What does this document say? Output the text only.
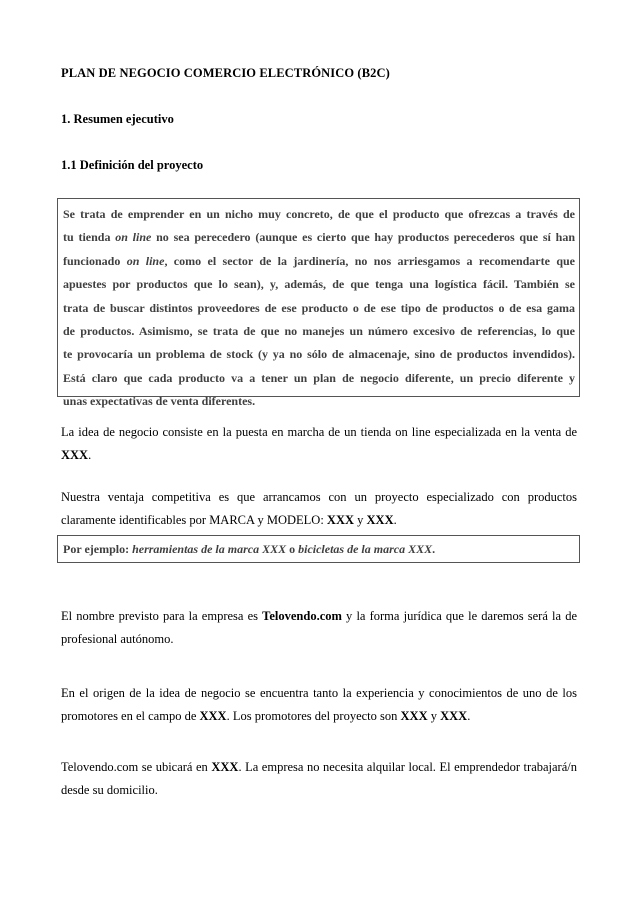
PLAN DE NEGOCIO COMERCIO ELECTRÓNICO (B2C)
1. Resumen ejecutivo
1.1 Definición del proyecto
Se trata de emprender en un nicho muy concreto, de que el producto que ofrezcas a través de
tu tienda on line no sea perecedero (aunque es cierto que hay productos perecederos que sí han
funcionado on line, como el sector de la jardinería, no nos arriesgamos a recomendarte que
apuestes por productos que lo sean), y, además, de que tenga una logística fácil. También se
trata de buscar distintos proveedores de ese producto o de ese tipo de productos o de esa gama
de productos. Asimismo, se trata de que no manejes un número excesivo de referencias, lo que
te provocaría un problema de stock (y ya no sólo de almacenaje, sino de productos invendidos).
Está claro que cada producto va a tener un plan de negocio diferente, un precio diferente y
unas expectativas de venta diferentes.
La idea de negocio consiste en la puesta en marcha de un tienda on line especializada en la venta de
XXX.
Nuestra ventaja competitiva es que arrancamos con un proyecto especializado con productos
claramente identificables por MARCA y MODELO: XXX y XXX.
Por ejemplo: herramientas de la marca XXX o bicicletas de la marca XXX.
El nombre previsto para la empresa es Telovendo.com y la forma jurídica que le daremos será la de
profesional autónomo.
En el origen de la idea de negocio se encuentra tanto la experiencia y conocimientos de uno de los
promotores en el campo de XXX. Los promotores del proyecto son XXX y XXX.
Telovendo.com se ubicará en XXX. La empresa no necesita alquilar local. El emprendedor trabajará/n
desde su domicilio.
